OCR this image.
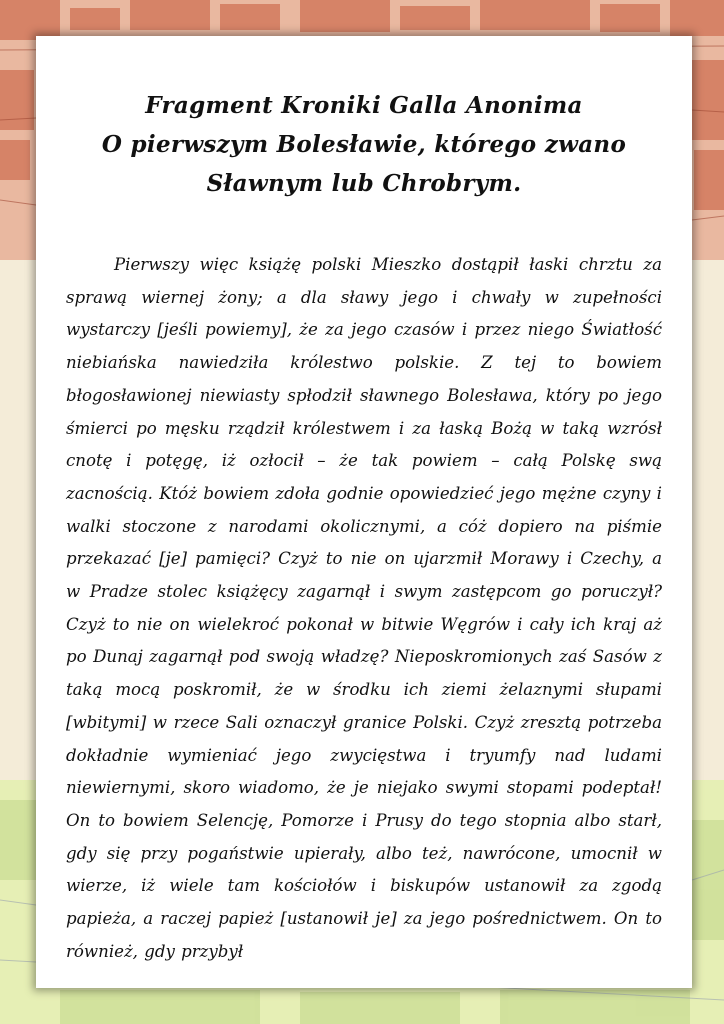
Fragment Kroniki Galla Anonima
O pierwszym Bolesławie, którego zwano Sławnym lub Chrobrym.

Pierwszy więc książę polski Mieszko dostąpił łaski chrztu za sprawą wiernej żony; a dla sławy jego i chwały w zupełności wystarczy [jeśli powiemy], że za jego czasów i przez niego Światłość niebiańska nawiedziła królestwo polskie. Z tej to bowiem błogosławionej niewiasty spłodził sławnego Bolesława, który po jego śmierci po męsku rządził królestwem i za łaską Bożą w taką wzrósł cnotę i potęgę, iż ozłocił – że tak powiem – całą Polskę swą zacnością. Któż bowiem zdoła godnie opowiedzieć jego mężne czyny i walki stoczone z narodami okolicznymi, a cóż dopiero na piśmie przekazać [je] pamięci? Czyż to nie on ujarzmił Morawy i Czechy, a w Pradze stolec książęcy zagarnął i swym zastępcom go poruczył? Czyż to nie on wielekroć pokonał w bitwie Węgrów i cały ich kraj aż po Dunaj zagarnął pod swoją władzę? Nieposkromionych zaś Sasów z taką mocą poskromił, że w środku ich ziemi żelaznymi słupami [wbitymi] w rzece Sali oznaczył granice Polski. Czyż zresztą potrzeba dokładnie wymieniać jego zwycięstwa i tryumfy nad ludami niewiernymi, skoro wiadomo, że je niejako swymi stopami podeptał! On to bowiem Selencję, Pomorze i Prusy do tego stopnia albo starł, gdy się przy pogaństwie upierały, albo też, nawrócone, umocnił w wierze, iż wiele tam kościołów i biskupów ustanowił za zgodą papieża, a raczej papież [ustanowił je] za jego pośrednictwem. On to również, gdy przybył
